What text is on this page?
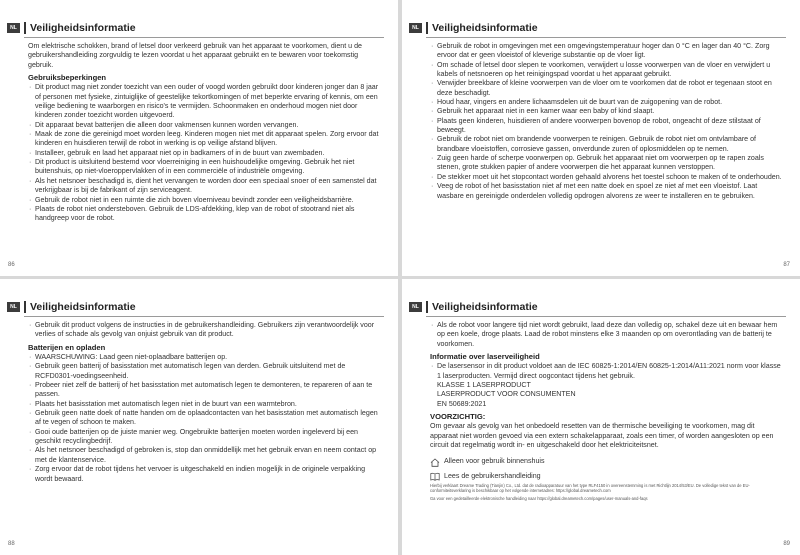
NL	Veiligheidsinformatie

Om elektrische schokken, brand of letsel door verkeerd gebruik van het apparaat te voorkomen, dient u de gebruikershandleiding zorgvuldig te lezen voordat u het apparaat gebruikt en te bewaren voor toekomstig gebruik.

Gebruiksbeperkingen

· Dit product mag niet zonder toezicht van een ouder of voogd worden gebruikt door kinderen jonger dan 8 jaar of personen met fysieke, zintuiglijke of geestelijke tekortkomingen of met beperkte ervaring of kennis, om een veilige bediening te waarborgen en risico's te vermijden. Schoonmaken en onderhoud mogen niet door kinderen zonder toezicht worden uitgevoerd.
· Dit apparaat bevat batterijen die alleen door vakmensen kunnen worden vervangen.
· Maak de zone die gereinigd moet worden leeg. Kinderen mogen niet met dit apparaat spelen. Zorg ervoor dat kinderen en huisdieren terwijl de robot in werking is op veilige afstand blijven.
· Installeer, gebruik en laad het apparaat niet op in badkamers of in de buurt van zwembaden.
· Dit product is uitsluitend bestemd voor vloerreiniging in een huishoudelijke omgeving. Gebruik het niet buitenshuis, op niet-vloeroppervlakken of in een commerciële of industriële omgeving.
· Als het netsnoer beschadigd is, dient het vervangen te worden door een speciaal snoer of een samenstel dat verkrijgbaar is bij de fabrikant of zijn serviceagent.
· Gebruik de robot niet in een ruimte die zich boven vloerniveau bevindt zonder een veiligheidsbarrière.
· Plaats de robot niet ondersteboven. Gebruik de LDS-afdekking, klep van de robot of stootrand niet als handgreep voor de robot.
86
NL	Veiligheidsinformatie
· Gebruik de robot in omgevingen met een omgevingstemperatuur hoger dan 0 °C en lager dan 40 °C. Zorg ervoor dat er geen vloeistof of kleverige substantie op de vloer ligt.
· Om schade of letsel door slepen te voorkomen, verwijdert u losse voorwerpen van de vloer en verwijdert u kabels of netsnoeren op het reinigingspad voordat u het apparaat gebruikt.
· Verwijder breekbare of kleine voorwerpen van de vloer om te voorkomen dat de robot er tegenaan stoot en deze beschadigt.
· Houd haar, vingers en andere lichaamsdelen uit de buurt van de zuigopening van de robot.
· Gebruik het apparaat niet in een kamer waar een baby of kind slaapt.
· Plaats geen kinderen, huisdieren of andere voorwerpen bovenop de robot, ongeacht of deze stilstaat of beweegt.
· Gebruik de robot niet om brandende voorwerpen te reinigen. Gebruik de robot niet om ontvlambare of brandbare vloeistoffen, corrosieve gassen, onverdunde zuren of oplosmiddelen op te nemen.
· Zuig geen harde of scherpe voorwerpen op. Gebruik het apparaat niet om voorwerpen op te rapen zoals stenen, grote stukken papier of andere voorwerpen die het apparaat kunnen verstoppen.
· De stekker moet uit het stopcontact worden gehaald alvorens het toestel schoon te maken of te onderhouden.
· Veeg de robot of het basisstation niet af met een natte doek en spoel ze niet af met een vloeistof. Laat wasbare en gereinigde onderdelen volledig opdrogen alvorens ze weer te installeren en te gebruiken.
87
NL	Veiligheidsinformatie
· Gebruik dit product volgens de instructies in de gebruikershandleiding. Gebruikers zijn verantwoordelijk voor verlies of schade als gevolg van onjuist gebruik van dit product.

Batterijen en opladen

· WAARSCHUWING: Laad geen niet-oplaadbare batterijen op.
· Gebruik geen batterij of basisstation met automatisch legen van derden. Gebruik uitsluitend met de RCFD0301-voedingseenheid.
· Probeer niet zelf de batterij of het basisstation met automatisch legen te demonteren, te repareren of aan te passen.
· Plaats het basisstation met automatisch legen niet in de buurt van een warmtebron.
· Gebruik geen natte doek of natte handen om de oplaadcontacten van het basisstation met automatisch legen af te vegen of schoon te maken.
· Gooi oude batterijen op de juiste manier weg. Ongebruikte batterijen moeten worden ingeleverd bij een geschikt recyclingbedrijf.
· Als het netsnoer beschadigd of gebroken is, stop dan onmiddellijk met het gebruik ervan en neem contact op met de klantenservice.
· Zorg ervoor dat de robot tijdens het vervoer is uitgeschakeld en indien mogelijk in de originele verpakking wordt bewaard.
88
NL	Veiligheidsinformatie
· Als de robot voor langere tijd niet wordt gebruikt, laad deze dan volledig op, schakel deze uit en bewaar hem op een koele, droge plaats. Laad de robot minstens elke 3 maanden op om overontlading van de batterij te voorkomen.

Informatie over laserveiligheid

· De lasersensor in dit product voldoet aan de IEC 60825-1:2014/EN 60825-1:2014/A11:2021 norm voor klasse 1 laserproducten. Vermijd direct oogcontact tijdens het gebruik.

KLASSE 1 LASERPRODUCT

LASERPRODUCT VOOR CONSUMENTEN

EN 50689:2021

VOORZICHTIG:

Om gevaar als gevolg van het onbedoeld resetten van de thermische beveiliging te voorkomen, mag dit apparaat niet worden gevoed via een extern schakelapparaat, zoals een timer, of worden aangesloten op een circuit dat regelmatig wordt in- en uitgeschakeld door het elektriciteitsnet.

Alleen voor gebruik binnenshuis

Lees de gebruikershandleiding

Hierbij verklaart Dreame Trading (Tianjin) Co., Ltd. dat de radioapparatuur van het type RLF4150 in overeenstemming is met Richtlijn 2014/53/EU. De volledige tekst van de EU-conformiteitsverklaring is beschikbaar op het volgende internetadres: https://global.dreametech.com

Ga voor een gedetailleerde elektronische handleiding naar https://global.dreametech.com/pages/user-manuals-and-faqs

89
